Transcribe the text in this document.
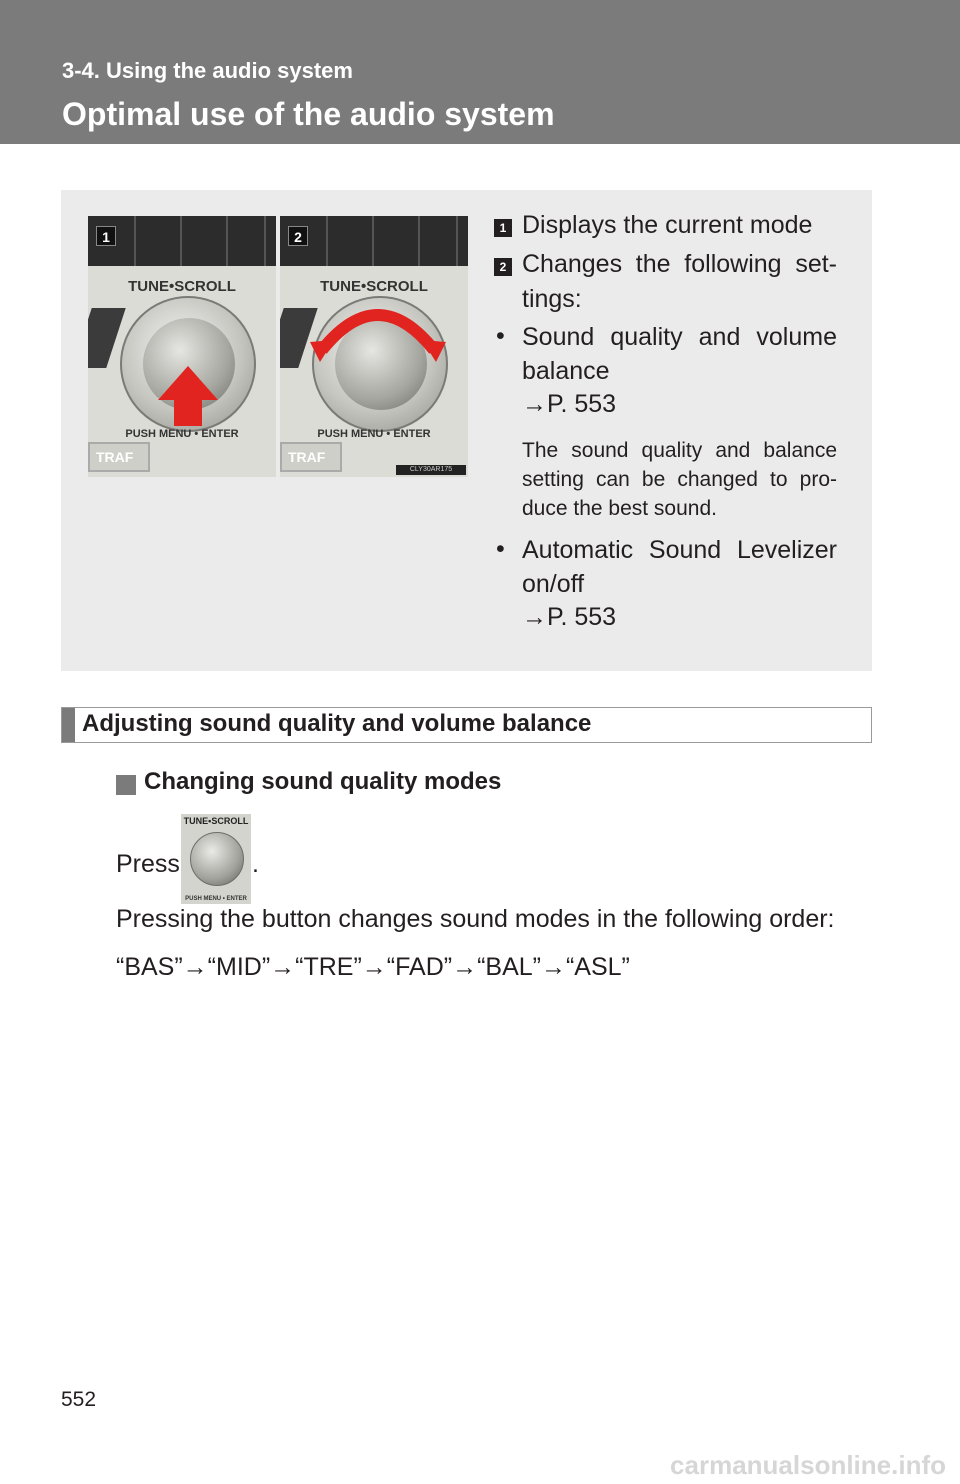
3-4. Using the audio system
Optimal use of the audio system
1
TUNE•SCROLL
PUSH MENU • ENTER
TRAF
2
TUNE•SCROLL
PUSH MENU • ENTER
TRAF
CLY30AR175
1 Displays the current mode
2 Changes the following set-
tings:
• Sound quality and volume
balance
→P. 553
The sound quality and balance
setting can be changed to pro-
duce the best sound.
• Automatic Sound Levelizer
on/off
→P. 553
Adjusting sound quality and volume balance
Changing sound quality modes
Press
TUNE•SCROLL
PUSH MENU • ENTER
.
Pressing the button changes sound modes in the following order:
“BAS”→“MID”→“TRE”→“FAD”→“BAL”→“ASL”
552
carmanualsonline.info
